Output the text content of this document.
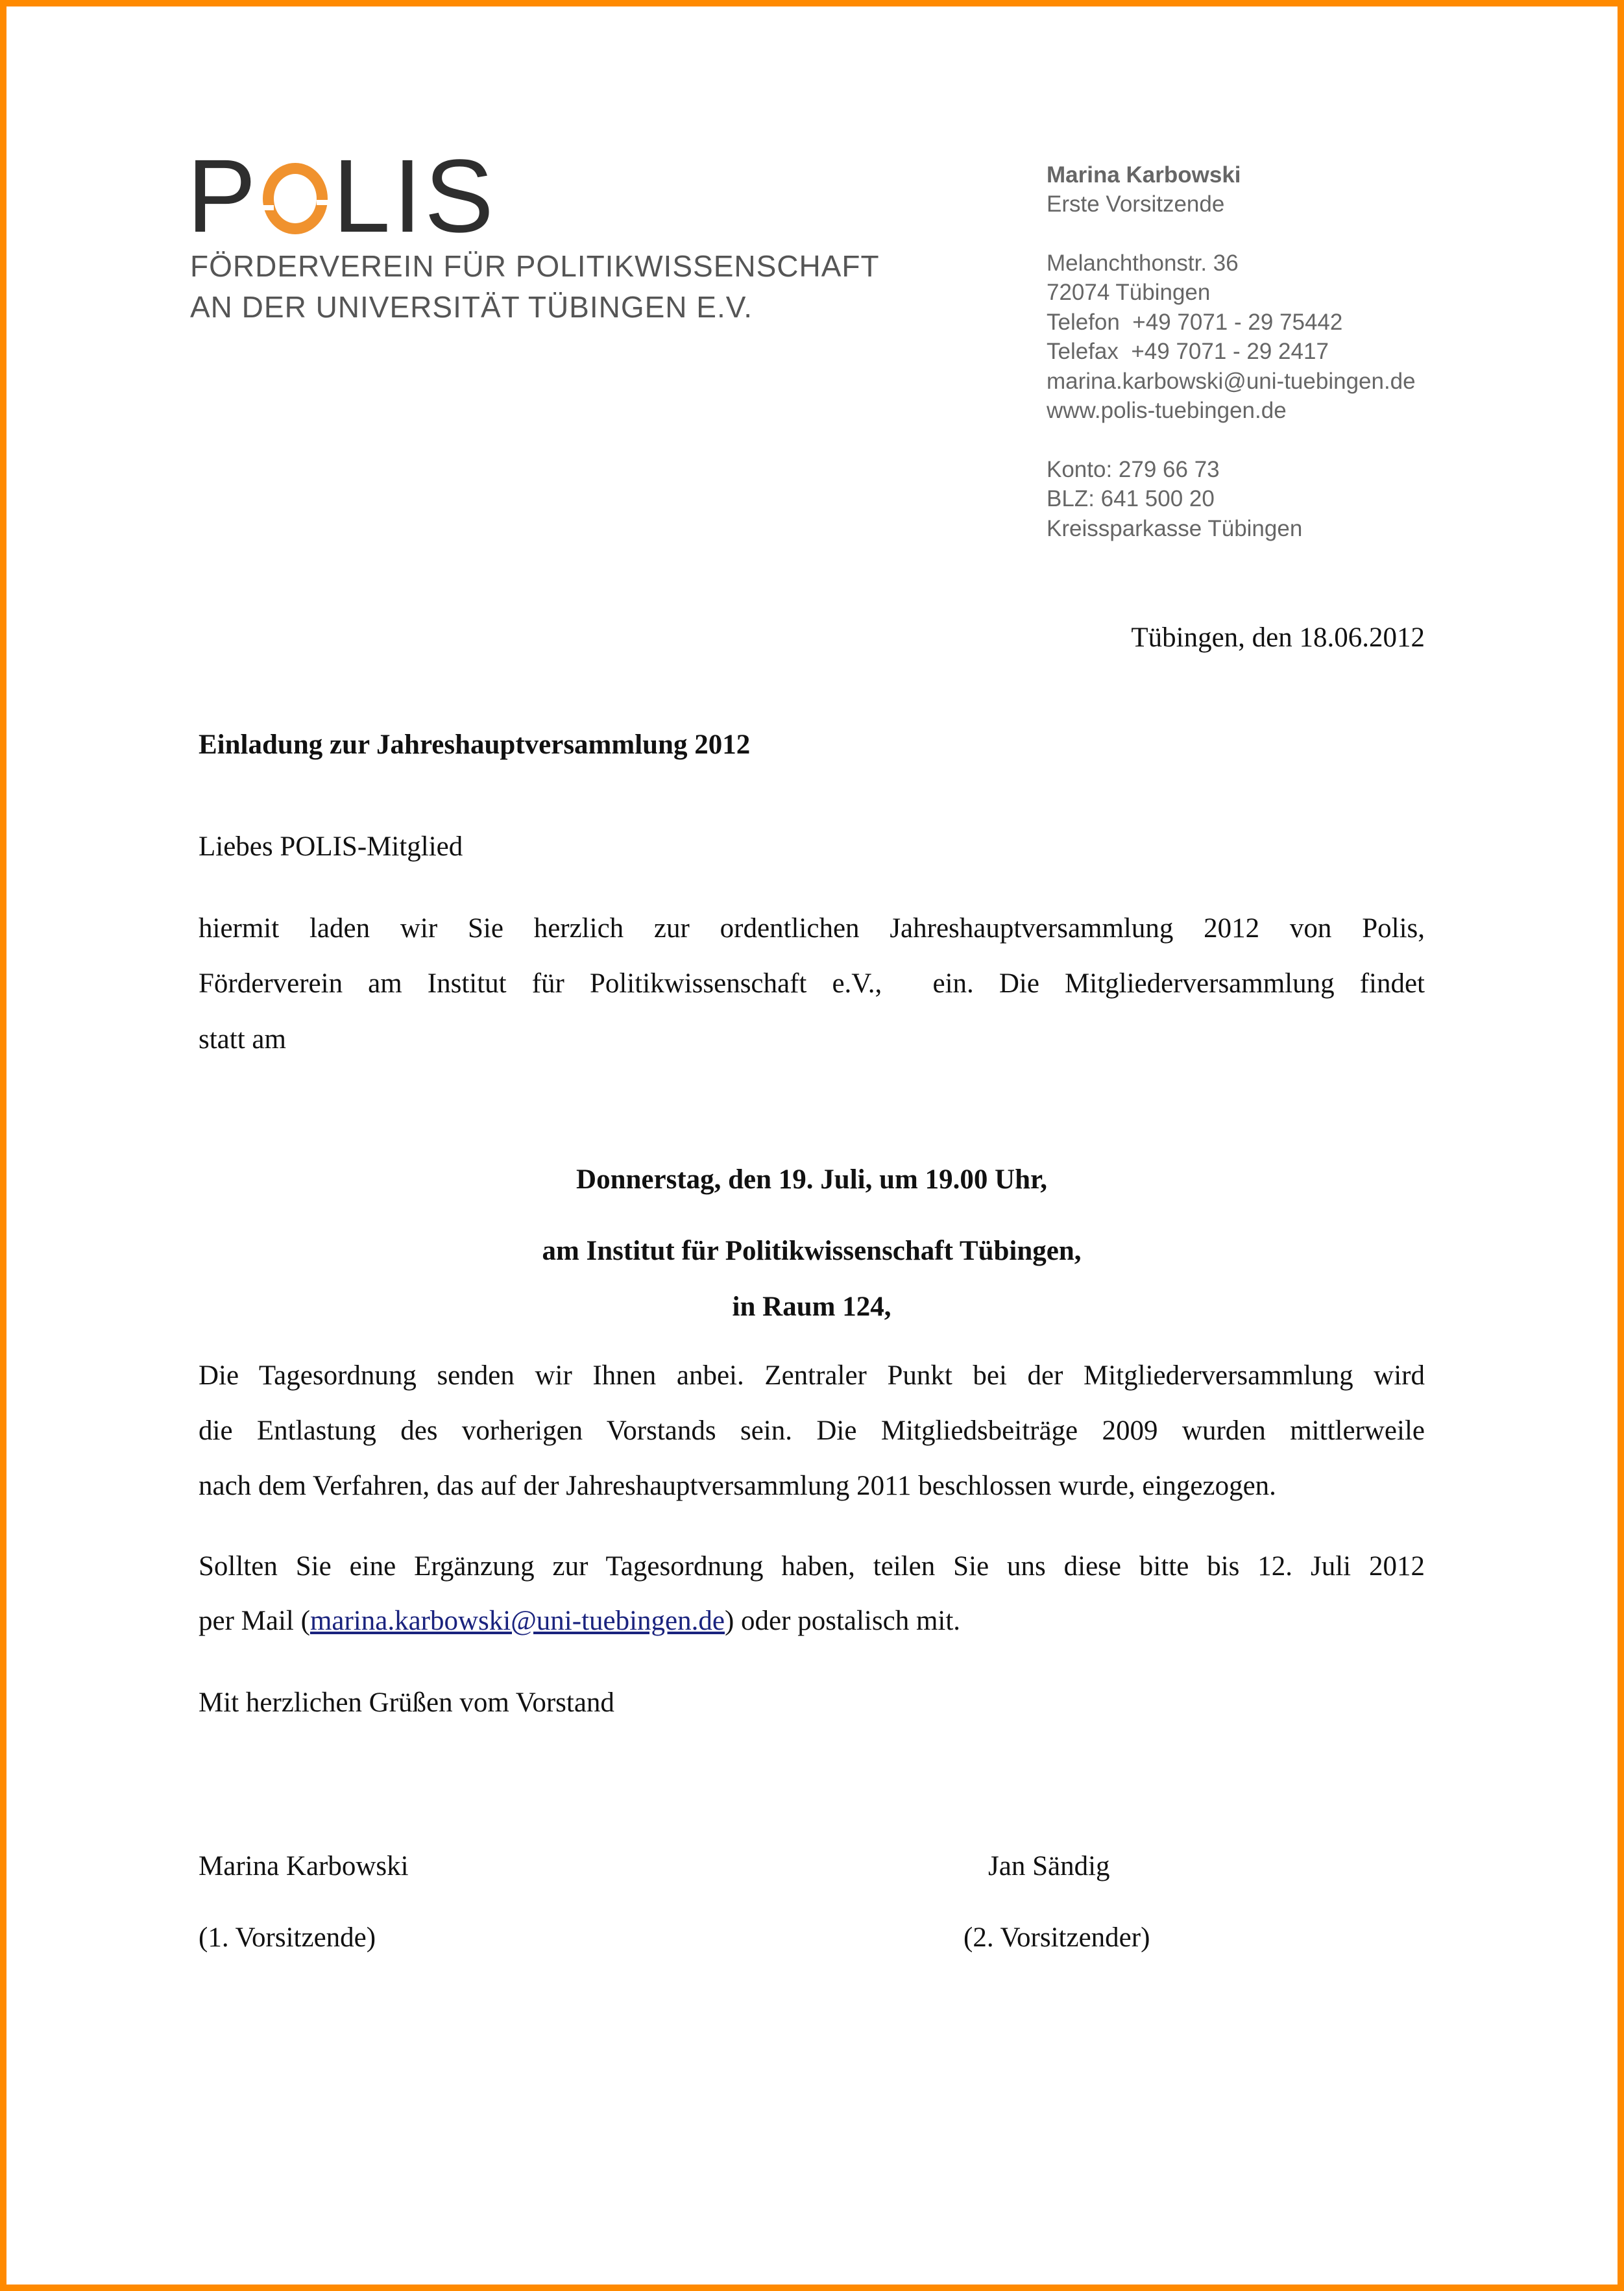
P LIS
FÖRDERVEREIN FÜR POLITIKWISSENSCHAFT
AN DER UNIVERSITÄT TÜBINGEN E.V.
Marina Karbowski
Erste Vorsitzende
Melanchthonstr. 36
72074 Tübingen
Telefon  +49 7071 - 29 75442
Telefax  +49 7071 - 29 2417
marina.karbowski@uni-tuebingen.de
www.polis-tuebingen.de
Konto: 279 66 73
BLZ: 641 500 20
Kreissparkasse Tübingen
Tübingen, den 18.06.2012
Einladung zur Jahreshauptversammlung 2012
Liebes POLIS-Mitglied
hiermit laden wir Sie herzlich zur ordentlichen Jahreshauptversammlung 2012 von Polis,
Förderverein am Institut für Politikwissenschaft e.V.,  ein. Die Mitgliederversammlung findet
statt am
Donnerstag, den 19. Juli, um 19.00 Uhr,
am Institut für Politikwissenschaft Tübingen,
in Raum 124,
Die Tagesordnung senden wir Ihnen anbei. Zentraler Punkt bei der Mitgliederversammlung wird
die Entlastung des vorherigen Vorstands sein. Die Mitgliedsbeiträge 2009 wurden mittlerweile
nach dem Verfahren, das auf der Jahreshauptversammlung 2011 beschlossen wurde, eingezogen.
Sollten Sie eine Ergänzung zur Tagesordnung haben, teilen Sie uns diese bitte bis 12. Juli 2012
per Mail (marina.karbowski@uni-tuebingen.de) oder postalisch mit.
Mit herzlichen Grüßen vom Vorstand
Marina Karbowski
(1. Vorsitzende)
Jan Sändig
(2. Vorsitzender)
